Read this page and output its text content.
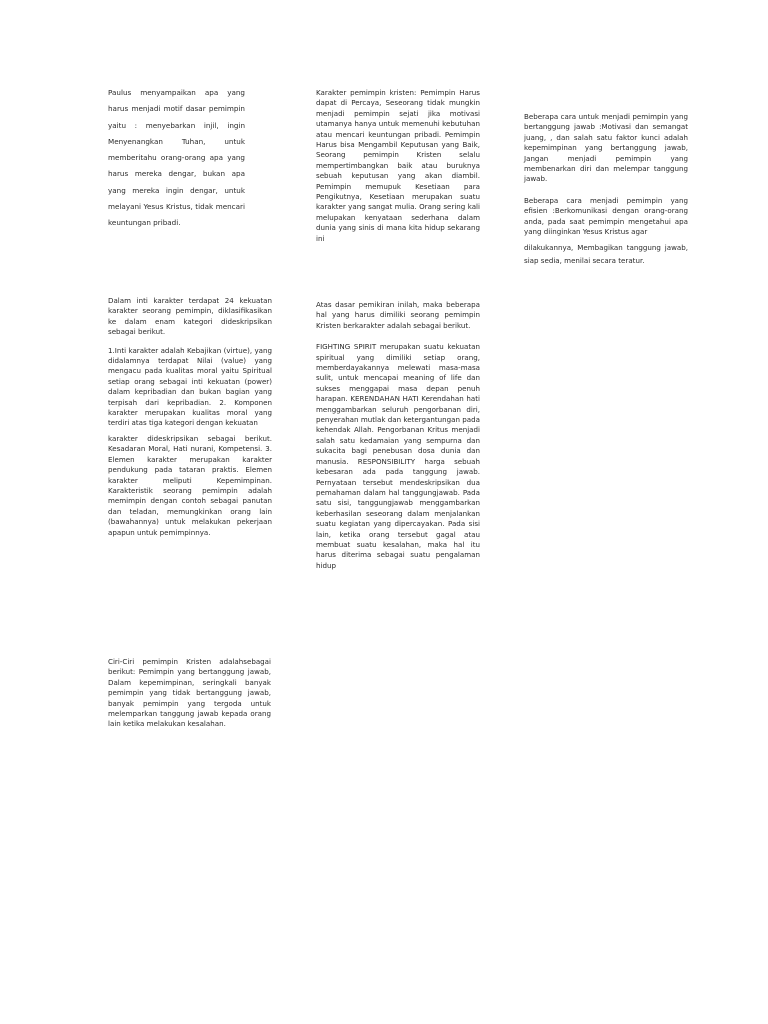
Paulus menyampaikan apa yang harus menjadi motif dasar pemimpin yaitu : menyebarkan injil, ingin Menyenangkan Tuhan, untuk memberitahu orang-orang apa yang harus mereka dengar, bukan apa yang mereka ingin dengar, untuk melayani Yesus Kristus, tidak mencari keuntungan pribadi.

Dalam inti karakter terdapat 24 kekuatan karakter seorang pemimpin, diklasifikasikan ke dalam enam kategori dideskripsikan sebagai berikut.

1.Inti karakter adalah Kebajikan (virtue), yang didalamnya terdapat Nilai (value) yang mengacu pada kualitas moral yaitu Spiritual setiap orang sebagai inti kekuatan (power) dalam kepribadian dan bukan bagian yang terpisah dari kepribadian. 2. Komponen karakter merupakan kualitas moral yang terdiri atas tiga kategori dengan kekuatan

karakter dideskripsikan sebagai berikut. Kesadaran Moral, Hati nurani, Kompetensi. 3. Elemen karakter merupakan karakter pendukung pada tataran praktis. Elemen karakter meliputi Kepemimpinan. Karakteristik seorang pemimpin adalah memimpin dengan contoh sebagai panutan dan teladan, memungkinkan orang lain (bawahannya) untuk melakukan pekerjaan apapun untuk pemimpinnya.

Ciri-Ciri pemimpin Kristen adalahsebagai berikut: Pemimpin yang bertanggung jawab, Dalam kepemimpinan, seringkali banyak pemimpin yang tidak bertanggung jawab, banyak pemimpin yang tergoda untuk melemparkan tanggung jawab kepada orang lain ketika melakukan kesalahan.

Karakter pemimpin kristen: Pemimpin Harus dapat di Percaya, Seseorang tidak mungkin menjadi pemimpin sejati jika motivasi utamanya hanya untuk memenuhi kebutuhan atau mencari keuntungan pribadi. Pemimpin Harus bisa Mengambil Keputusan yang Baik, Seorang pemimpin Kristen selalu mempertimbangkan baik atau buruknya sebuah keputusan yang akan diambil. Pemimpin memupuk Kesetiaan para Pengikutnya, Kesetiaan merupakan suatu karakter yang sangat mulia. Orang sering kali melupakan kenyataan sederhana dalam dunia yang sinis di mana kita hidup sekarang ini

Atas dasar pemikiran inilah, maka beberapa hal yang harus dimiliki seorang pemimpin Kristen berkarakter adalah sebagai berikut.

FIGHTING SPIRIT merupakan suatu kekuatan spiritual yang dimiliki setiap orang, memberdayakannya melewati masa-masa sulit, untuk mencapai meaning of life dan sukses menggapai masa depan penuh harapan. KERENDAHAN HATI Kerendahan hati menggambarkan seluruh pengorbanan diri, penyerahan mutlak dan ketergantungan pada kehendak Allah. Pengorbanan Kritus menjadi salah satu kedamaian yang sempurna dan sukacita bagi penebusan dosa dunia dan manusia. RESPONSIBILITY harga sebuah kebesaran ada pada tanggung jawab. Pernyataan tersebut mendeskripsikan dua pemahaman dalam hal tanggungjawab. Pada satu sisi, tanggungjawab menggambarkan keberhasilan seseorang dalam menjalankan suatu kegiatan yang dipercayakan. Pada sisi lain, ketika orang tersebut gagal atau membuat suatu kesalahan, maka hal itu harus diterima sebagai suatu pengalaman hidup

Beberapa cara untuk menjadi pemimpin yang bertanggung jawab :Motivasi dan semangat juang, , dan salah satu faktor kunci adalah kepemimpinan yang bertanggung jawab, Jangan menjadi pemimpin yang membenarkan diri dan melempar tanggung jawab.

Beberapa cara menjadi pemimpin yang efisien :Berkomunikasi dengan orang-orang anda, pada saat pemimpin mengetahui apa yang diinginkan Yesus Kristus agar

dilakukannya, Membagikan tanggung jawab, siap sedia, menilai secara teratur.
